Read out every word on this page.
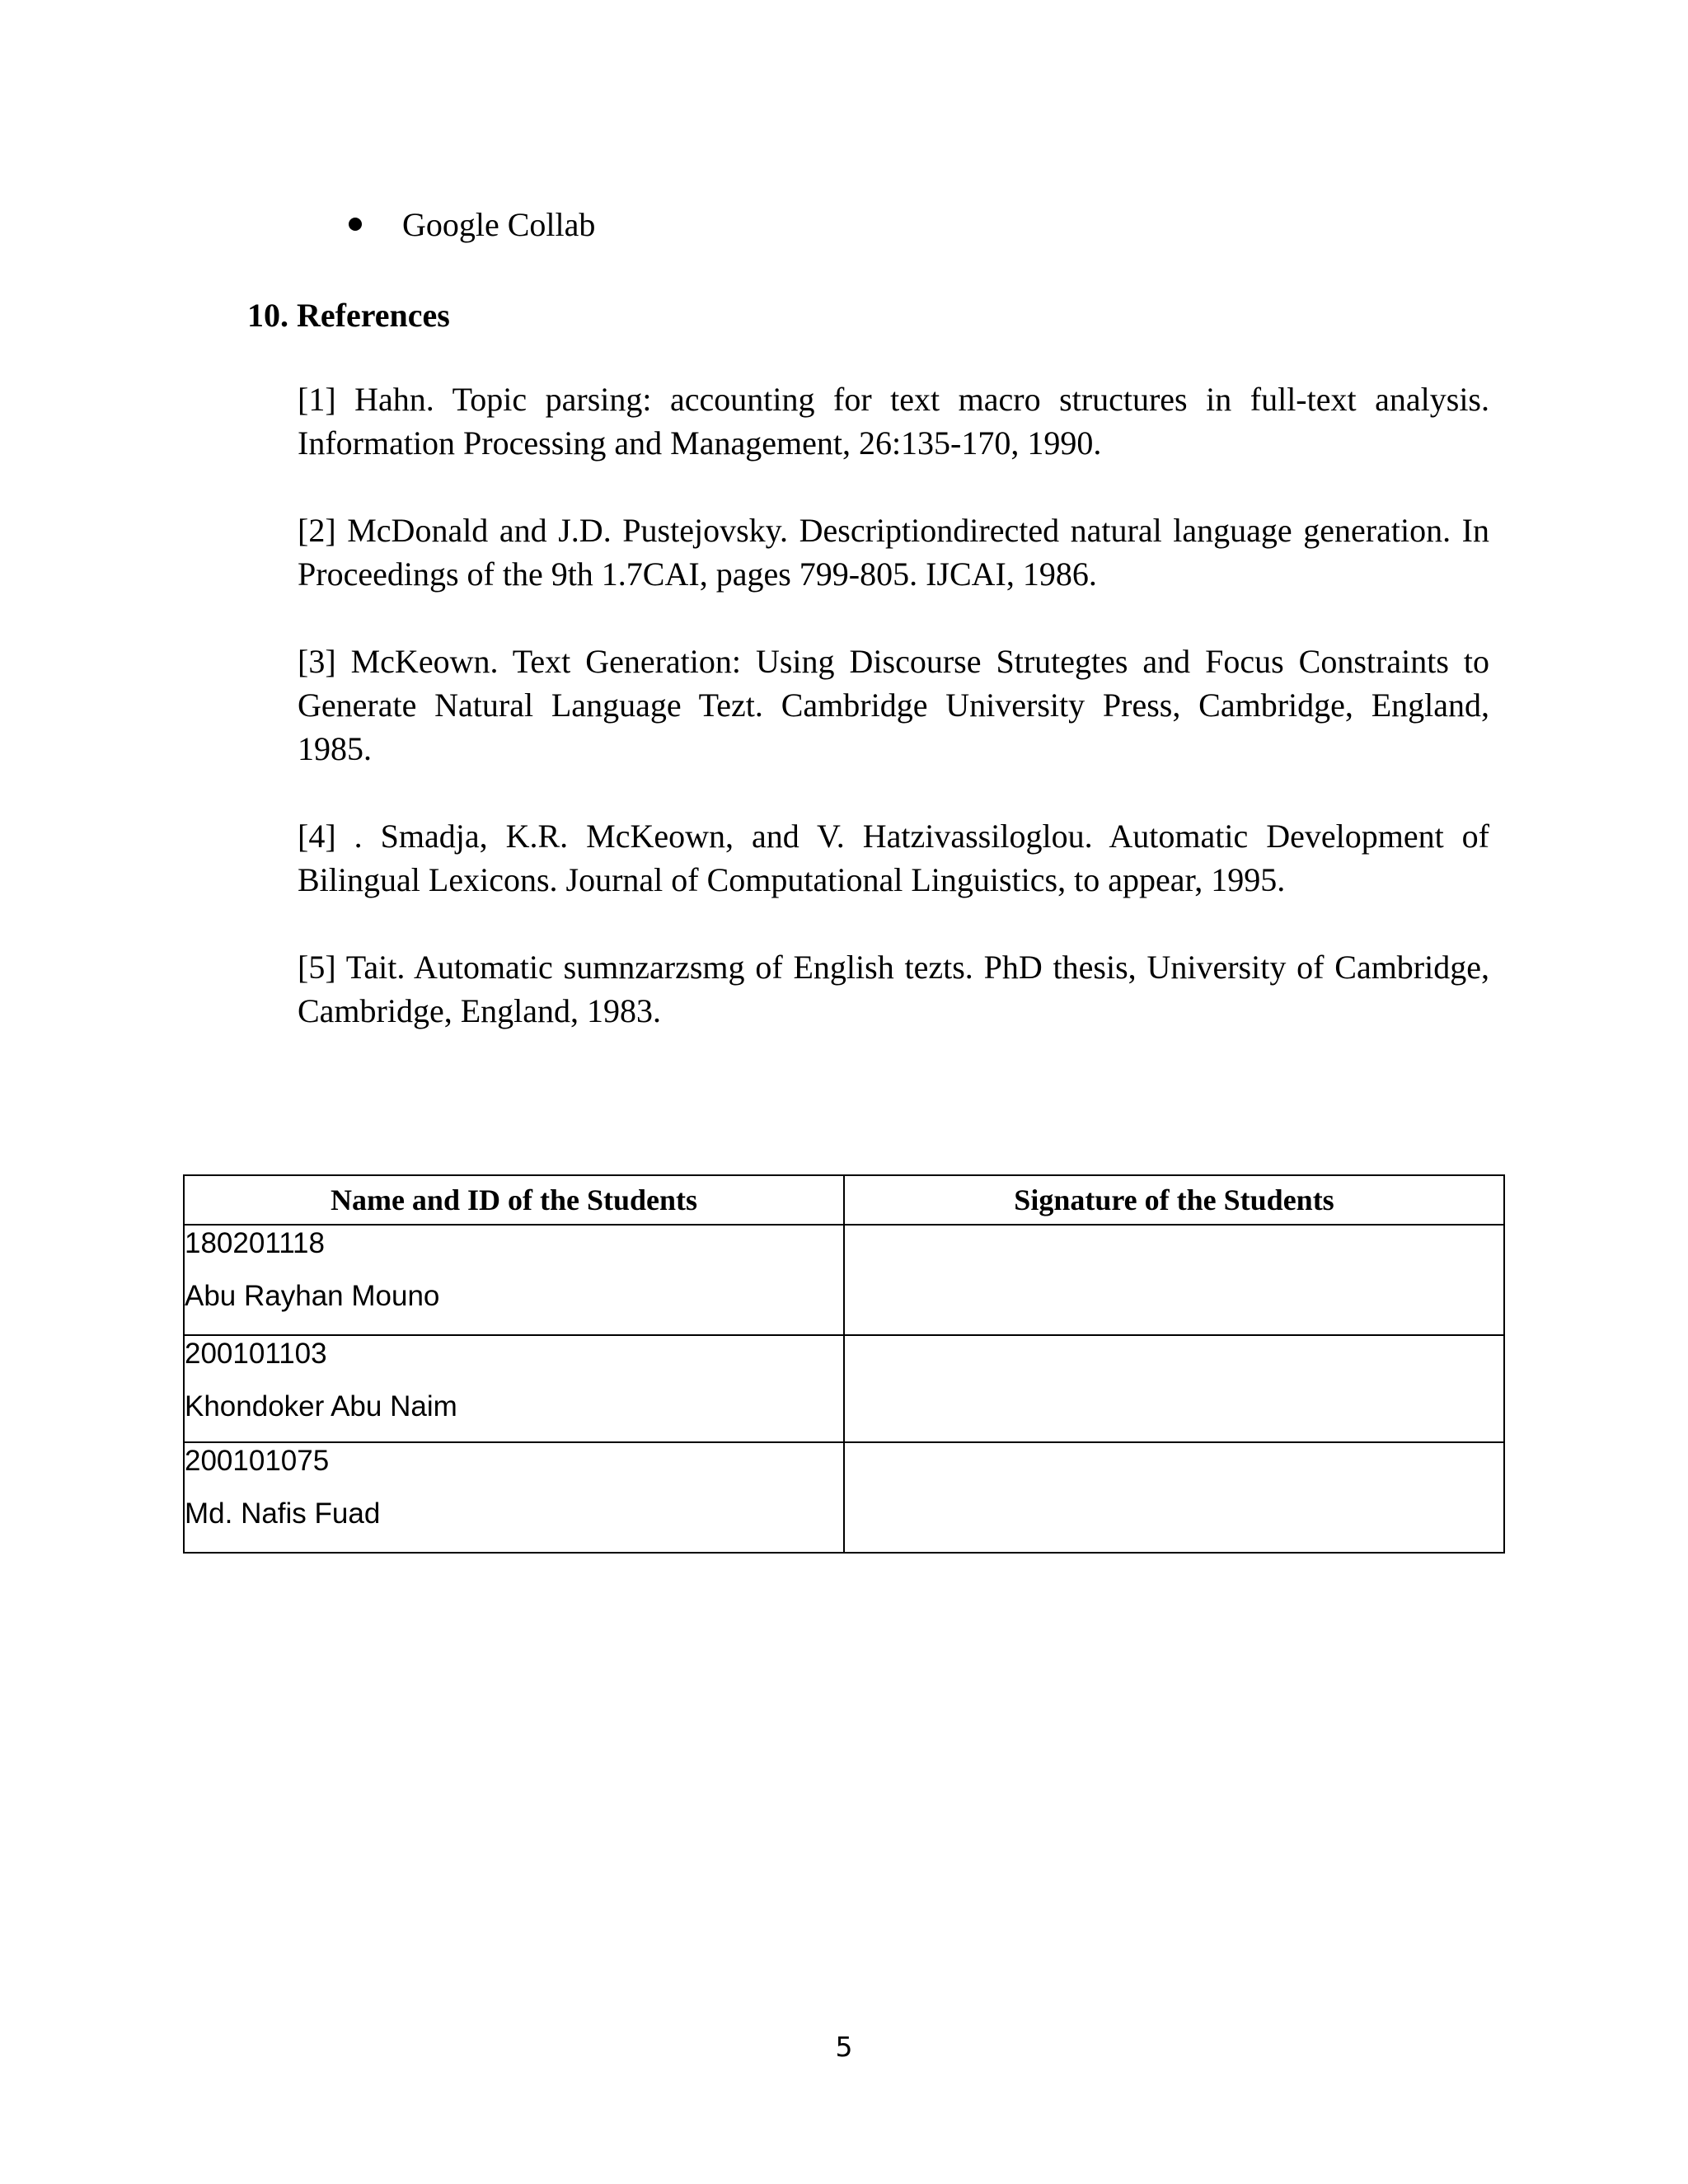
Google Collab
10. References
[1] Hahn. Topic parsing: accounting for text macro structures in full-text analysis. Information Processing and Management, 26:135-170, 1990.
[2] McDonald and J.D. Pustejovsky. Descriptiondirected natural language generation. In Proceedings of the 9th 1.7CAI, pages 799-805. IJCAI, 1986.
[3] McKeown. Text Generation: Using Discourse Strutegtes and Focus Constraints to Generate Natural Language Tezt. Cambridge University Press, Cambridge, England, 1985.
[4] . Smadja, K.R. McKeown, and V. Hatzivassiloglou. Automatic Development of Bilingual Lexicons. Journal of Computational Linguistics, to appear, 1995.
[5] Tait. Automatic sumnzarzsmg of English tezts. PhD thesis, University of Cambridge, Cambridge, England, 1983.
Name and ID of the Students	Signature of the Students

180201118
Abu Rayhan Mouno	

200101103
Khondoker Abu Naim	

200101075
Md. Nafis Fuad	

5
